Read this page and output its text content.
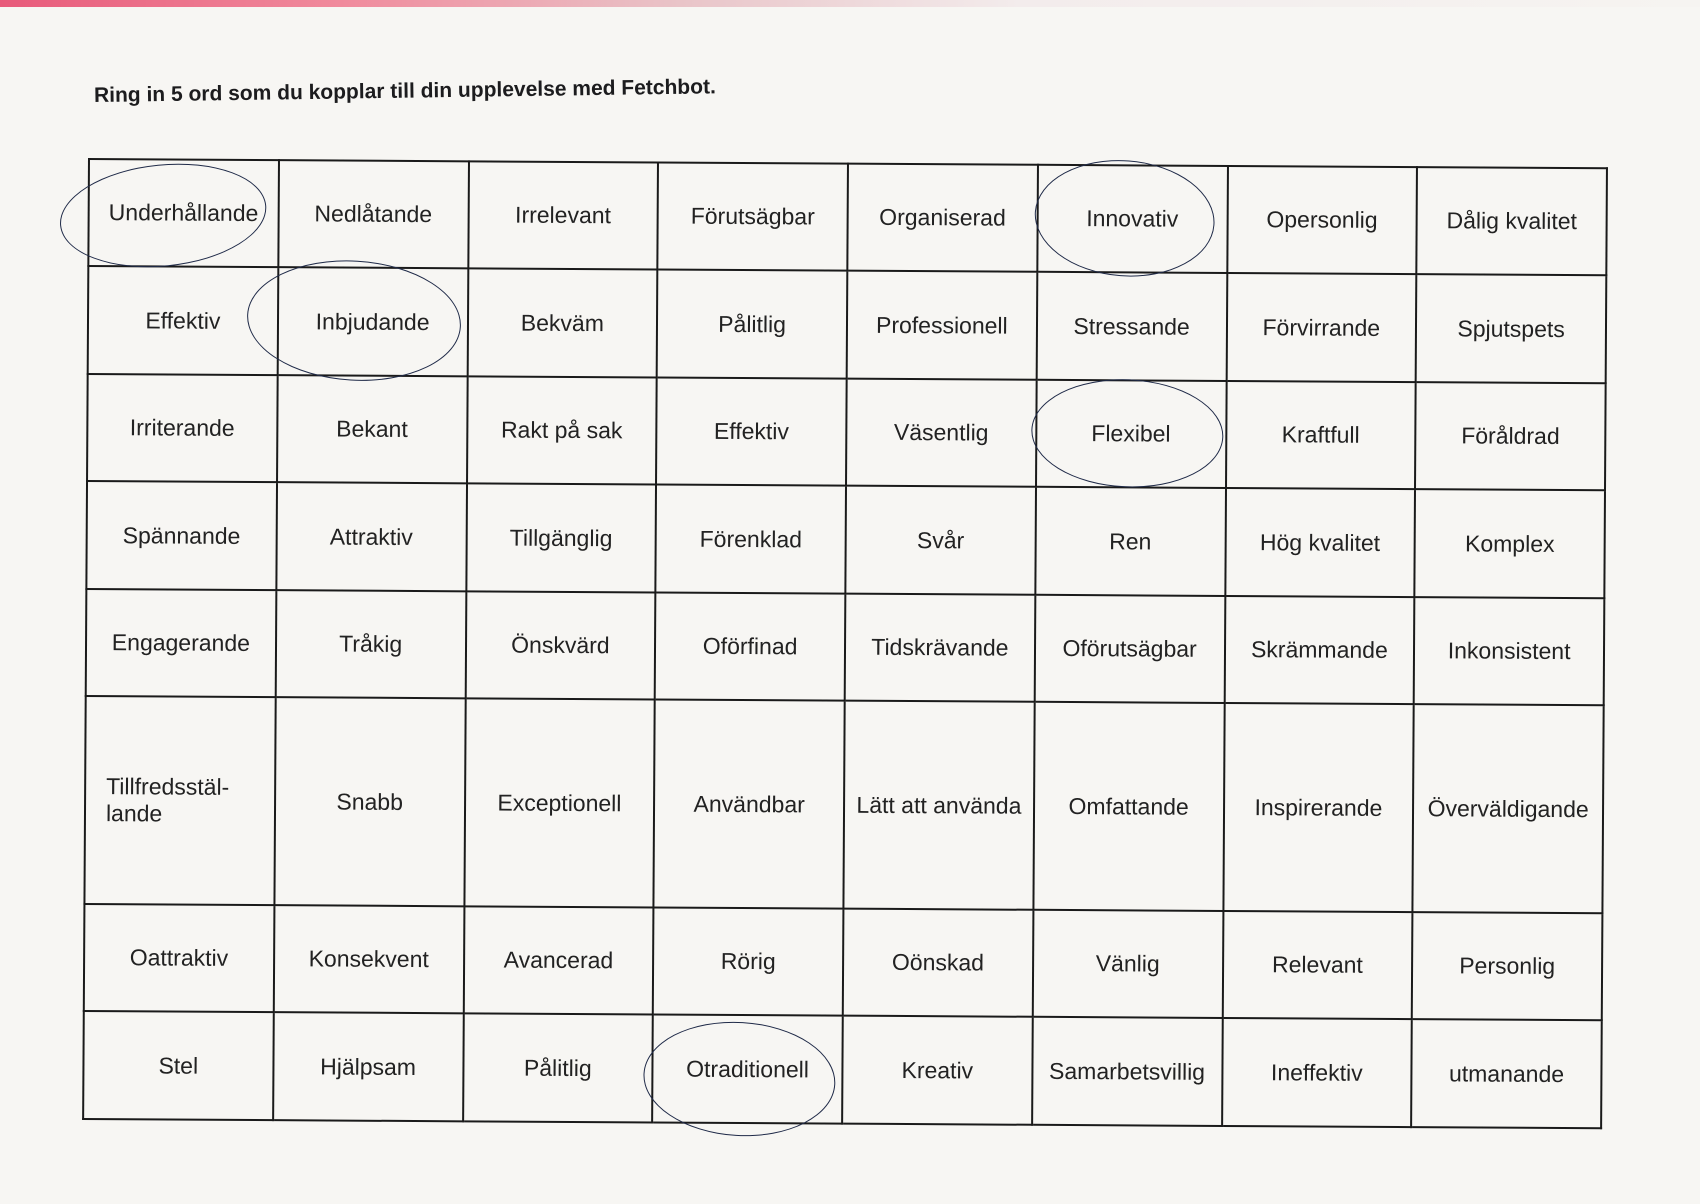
Ring in 5 ord som du kopplar till din upplevelse med Fetchbot.
Underhållande	Nedlåtande	Irrelevant	Förutsägbar	Organiserad	Innovativ	Opersonlig	Dålig kvalitet
Effektiv	Inbjudande	Bekväm	Pålitlig	Professionell	Stressande	Förvirrande	Spjutspets
Irriterande	Bekant	Rakt på sak	Effektiv	Väsentlig	Flexibel	Kraftfull	Föråldrad
Spännande	Attraktiv	Tillgänglig	Förenklad	Svår	Ren	Hög kvalitet	Komplex
Engagerande	Tråkig	Önskvärd	Oförfinad	Tidskrävande	Oförutsägbar	Skrämmande	Inkonsistent
Tillfredsstäl-
lande	Snabb	Exceptionell	Användbar	Lätt att använda	Omfattande	Inspirerande	Överväldigande
Oattraktiv	Konsekvent	Avancerad	Rörig	Oönskad	Vänlig	Relevant	Personlig
Stel	Hjälpsam	Pålitlig	Otraditionell	Kreativ	Samarbetsvillig	Ineffektiv	utmanande
